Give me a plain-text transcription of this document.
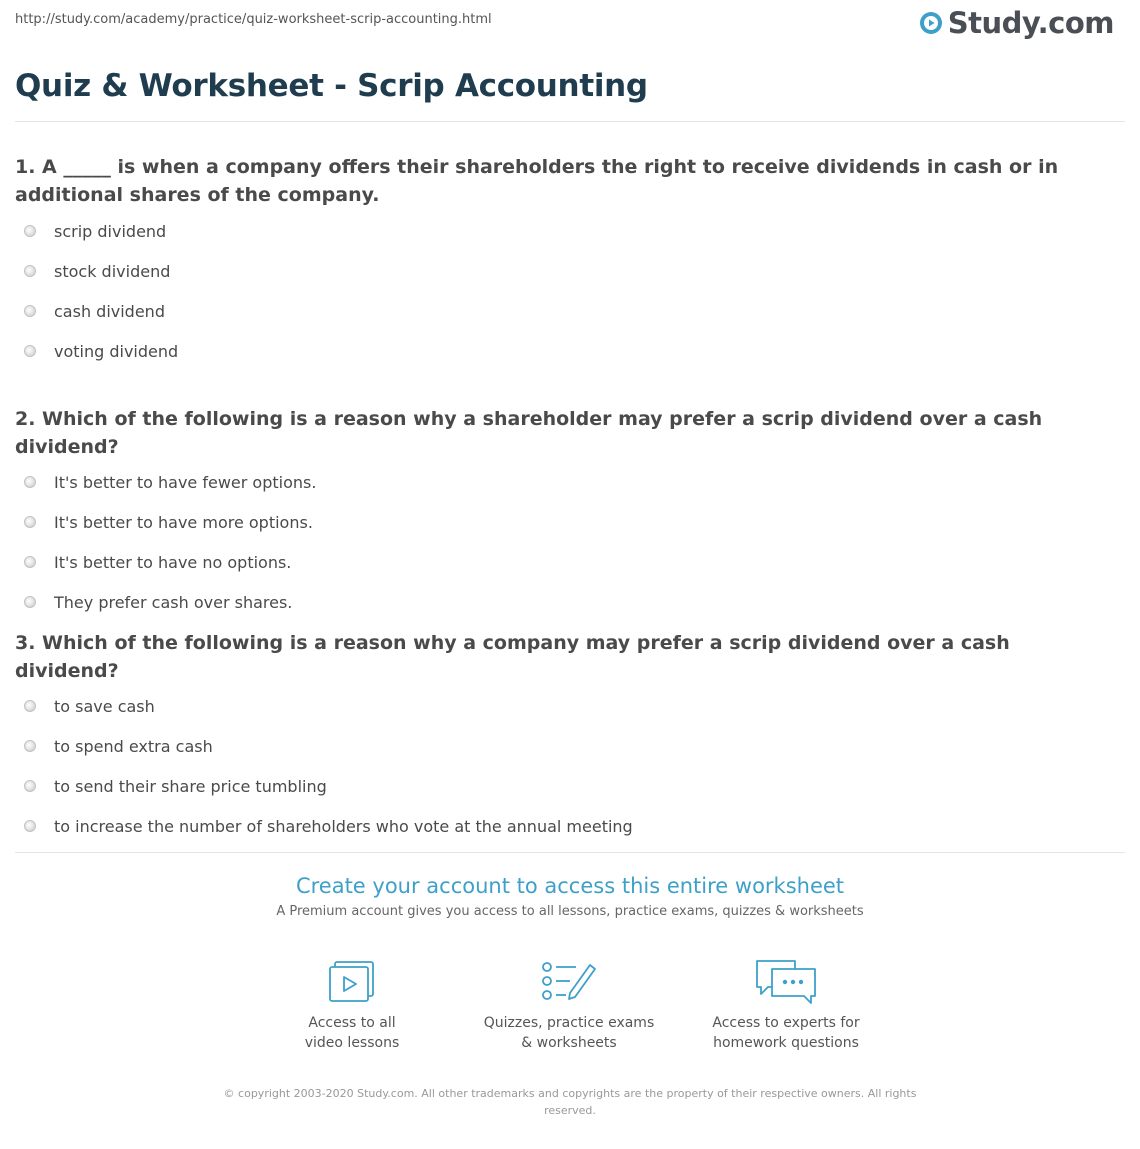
http://study.com/academy/practice/quiz-worksheet-scrip-accounting.html	Study.com
Quiz & Worksheet - Scrip Accounting

1. A _____ is when a company offers their shareholders the right to receive dividends in cash or in additional shares of the company.

scrip dividend
stock dividend
cash dividend
voting dividend

2. Which of the following is a reason why a shareholder may prefer a scrip dividend over a cash dividend?

It's better to have fewer options.
It's better to have more options.
It's better to have no options.
They prefer cash over shares.

3. Which of the following is a reason why a company may prefer a scrip dividend over a cash dividend?

to save cash
to spend extra cash
to send their share price tumbling
to increase the number of shareholders who vote at the annual meeting
Create your account to access this entire worksheet
A Premium account gives you access to all lessons, practice exams, quizzes & worksheets
Access to all
video lessons
Quizzes, practice exams
& worksheets
Access to experts for
homework questions
© copyright 2003-2020 Study.com. All other trademarks and copyrights are the property of their respective owners. All rights reserved.
